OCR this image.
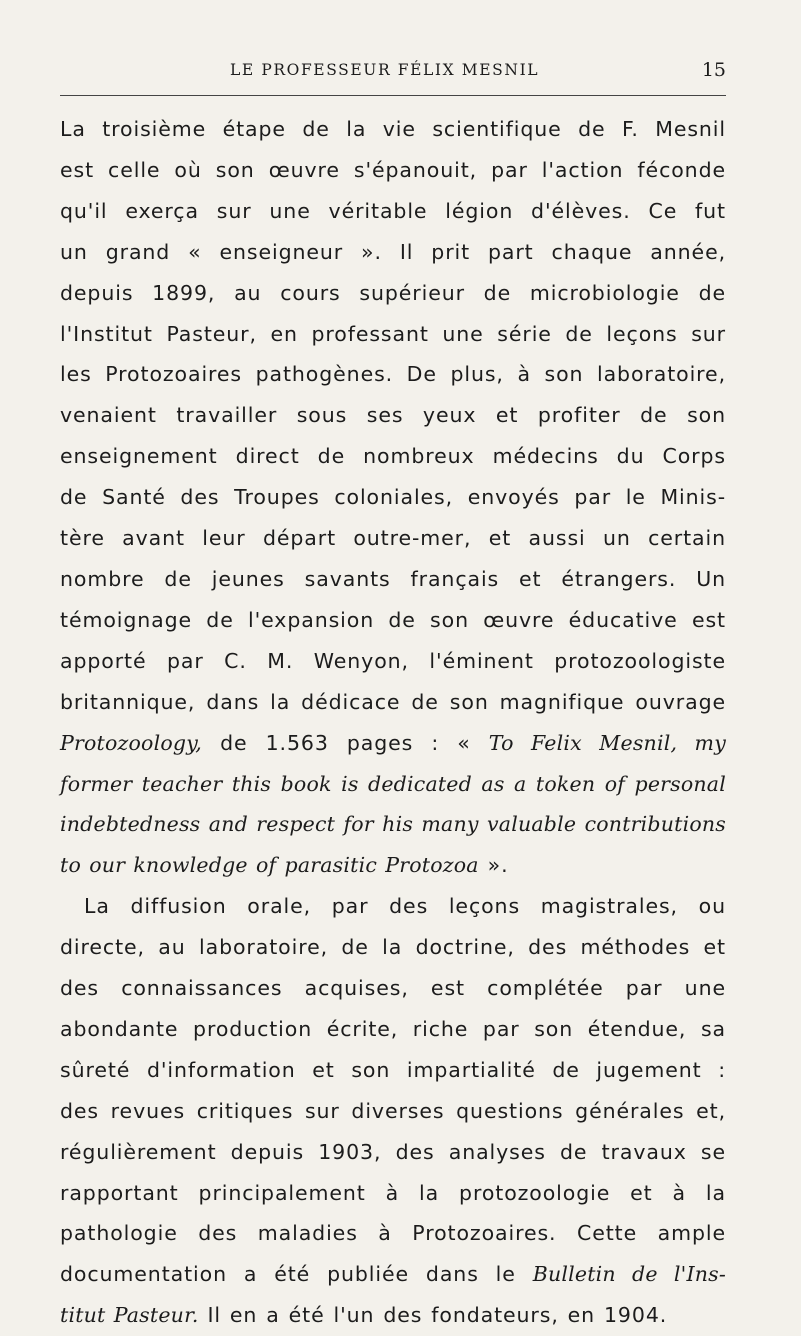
LE PROFESSEUR FÉLIX MESNIL	15
La troisième étape de la vie scientifique de F. Mesnil
est celle où son œuvre s'épanouit, par l'action féconde
qu'il exerça sur une véritable légion d'élèves. Ce fut
un grand « enseigneur ». Il prit part chaque année,
depuis 1899, au cours supérieur de microbiologie de
l'Institut Pasteur, en professant une série de leçons sur
les Protozoaires pathogènes. De plus, à son laboratoire,
venaient travailler sous ses yeux et profiter de son
enseignement direct de nombreux médecins du Corps
de Santé des Troupes coloniales, envoyés par le Minis-
tère avant leur départ outre-mer, et aussi un certain
nombre de jeunes savants français et étrangers. Un
témoignage de l'expansion de son œuvre éducative est
apporté par C. M. Wenyon, l'éminent protozoologiste
britannique, dans la dédicace de son magnifique ouvrage
Protozoology, de 1.563 pages : « To Felix Mesnil, my
former teacher this book is dedicated as a token of personal
indebtedness and respect for his many valuable contributions
to our knowledge of parasitic Protozoa ».
La diffusion orale, par des leçons magistrales, ou
directe, au laboratoire, de la doctrine, des méthodes et
des connaissances acquises, est complétée par une
abondante production écrite, riche par son étendue, sa
sûreté d'information et son impartialité de jugement :
des revues critiques sur diverses questions générales et,
régulièrement depuis 1903, des analyses de travaux se
rapportant principalement à la protozoologie et à la
pathologie des maladies à Protozoaires. Cette ample
documentation a été publiée dans le Bulletin de l'Ins-
titut Pasteur. Il en a été l'un des fondateurs, en 1904.
